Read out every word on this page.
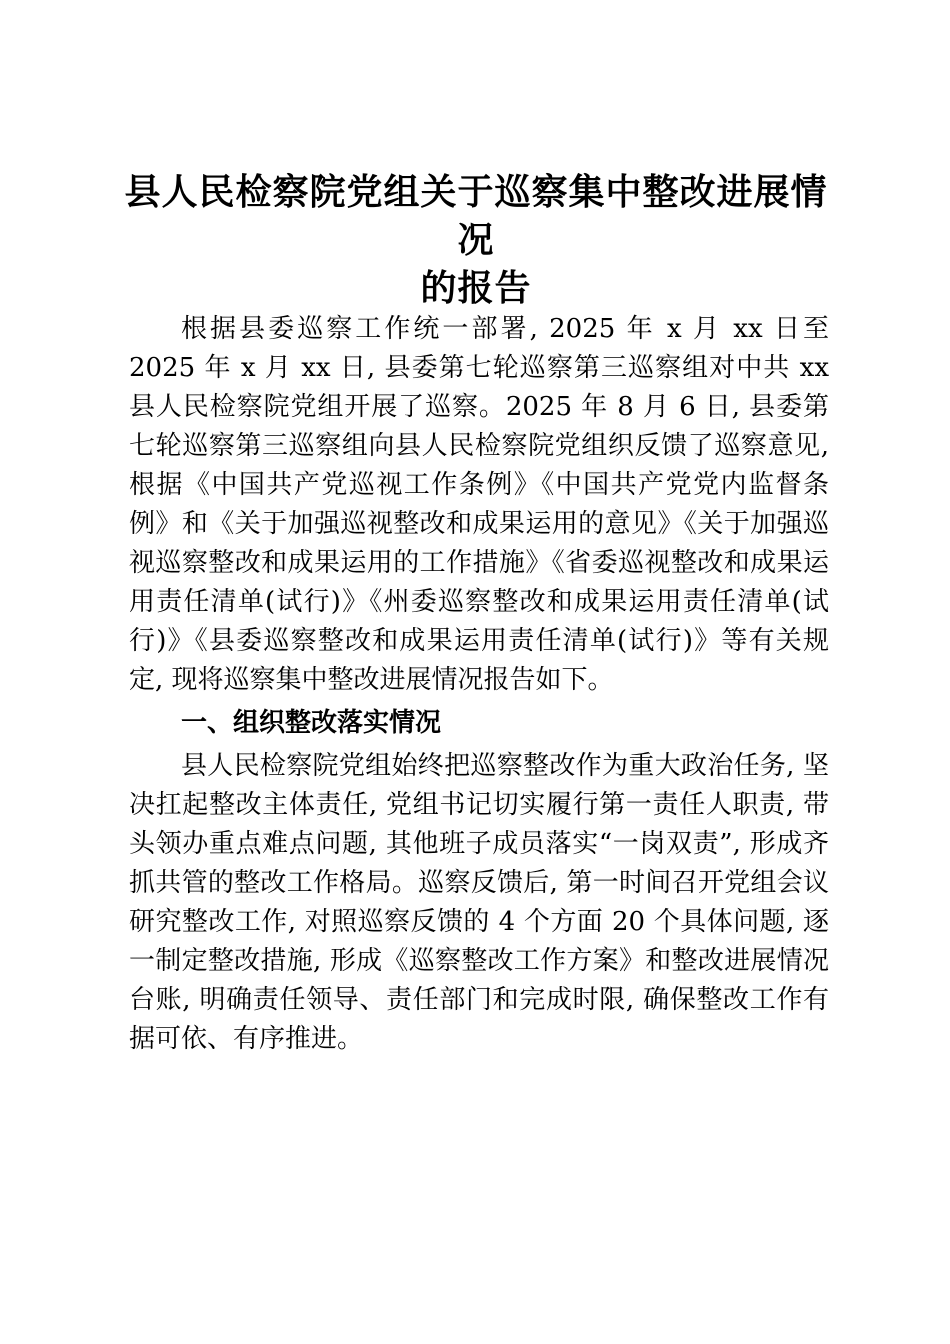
县人民检察院党组关于巡察集中整改进展情况
的报告

根据县委巡察工作统一部署, 2025 年 x 月 xx 日至 2025 年 x 月 xx 日, 县委第七轮巡察第三巡察组对中共 xx 县人民检察院党组开展了巡察。2025 年 8 月 6 日, 县委第七轮巡察第三巡察组向县人民检察院党组织反馈了巡察意见, 根据《中国共产党巡视工作条例》《中国共产党党内监督条例》和《关于加强巡视整改和成果运用的意见》《关于加强巡视巡察整改和成果运用的工作措施》《省委巡视整改和成果运用责任清单(试行)》《州委巡察整改和成果运用责任清单(试行)》《县委巡察整改和成果运用责任清单(试行)》等有关规定, 现将巡察集中整改进展情况报告如下。

一、组织整改落实情况

县人民检察院党组始终把巡察整改作为重大政治任务, 坚决扛起整改主体责任, 党组书记切实履行第一责任人职责, 带头领办重点难点问题, 其他班子成员落实“一岗双责”, 形成齐抓共管的整改工作格局。巡察反馈后, 第一时间召开党组会议研究整改工作, 对照巡察反馈的 4 个方面 20 个具体问题, 逐一制定整改措施, 形成《巡察整改工作方案》和整改进展情况台账, 明确责任领导、责任部门和完成时限, 确保整改工作有据可依、有序推进。
